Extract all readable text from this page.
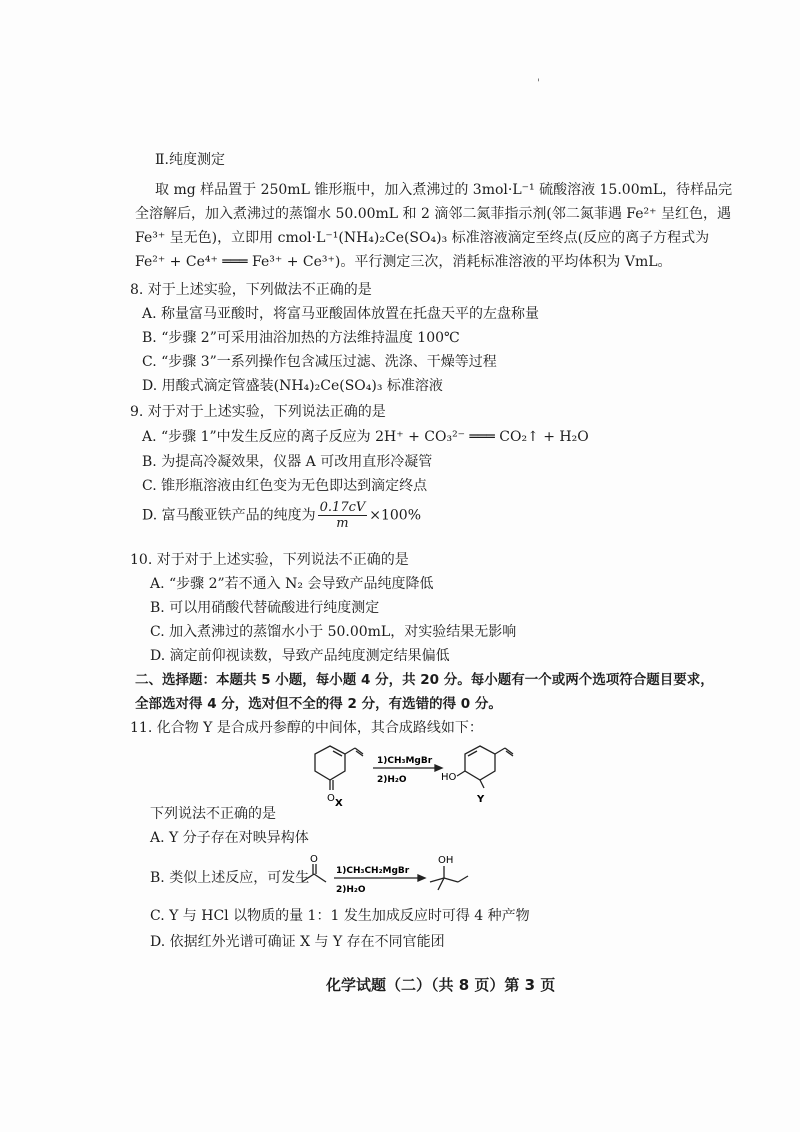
'
Ⅱ.纯度测定
取 mg 样品置于 250mL 锥形瓶中，加入煮沸过的 3mol·L⁻¹ 硫酸溶液 15.00mL，待样品完
全溶解后，加入煮沸过的蒸馏水 50.00mL 和 2 滴邻二氮菲指示剂(邻二氮菲遇 Fe²⁺ 呈红色，遇
Fe³⁺ 呈无色)，立即用 cmol·L⁻¹(NH₄)₂Ce(SO₄)₃ 标准溶液滴定至终点(反应的离子方程式为
Fe²⁺ + Ce⁴⁺ ═══ Fe³⁺ + Ce³⁺)。平行测定三次，消耗标准溶液的平均体积为 VmL。
8. 对于上述实验，下列做法不正确的是
A. 称量富马亚酸时，将富马亚酸固体放置在托盘天平的左盘称量
B. “步骤 2”可采用油浴加热的方法维持温度 100℃
C. “步骤 3”一系列操作包含减压过滤、洗涤、干燥等过程
D. 用酸式滴定管盛装(NH₄)₂Ce(SO₄)₃ 标准溶液
9. 对于对于上述实验，下列说法正确的是
A. “步骤 1”中发生反应的离子反应为 2H⁺ + CO₃²⁻ ═══ CO₂↑ + H₂O
B. 为提高冷凝效果，仪器 A 可改用直形冷凝管
C. 锥形瓶溶液由红色变为无色即达到滴定终点
D. 富马酸亚铁产品的纯度为 $\frac{0.17cV}{m} \times 100\%$
10. 对于对于上述实验，下列说法不正确的是
A. “步骤 2”若不通入 N₂ 会导致产品纯度降低
B. 可以用硝酸代替硫酸进行纯度测定
C. 加入煮沸过的蒸馏水小于 50.00mL，对实验结果无影响
D. 滴定前仰视读数，导致产品纯度测定结果偏低
二、选择题：本题共 5 小题，每小题 4 分，共 20 分。每小题有一个或两个选项符合题目要求，
全部选对得 4 分，选对但不全的得 2 分，有选错的得 0 分。
11. 化合物 Y 是合成丹参醇的中间体，其合成路线如下：
O X
1)CH₃MgBr
2)H₂O	HO
Y
下列说法不正确的是
A. Y 分子存在对映异构体
B. 类似上述反应，可发生
O
1)CH₃CH₂MgBr
2)H₂O
OH
C. Y 与 HCl 以物质的量 1：1 发生加成反应时可得 4 种产物
D. 依据红外光谱可确证 X 与 Y 存在不同官能团
化学试题（二）（共 8 页）第 3 页
